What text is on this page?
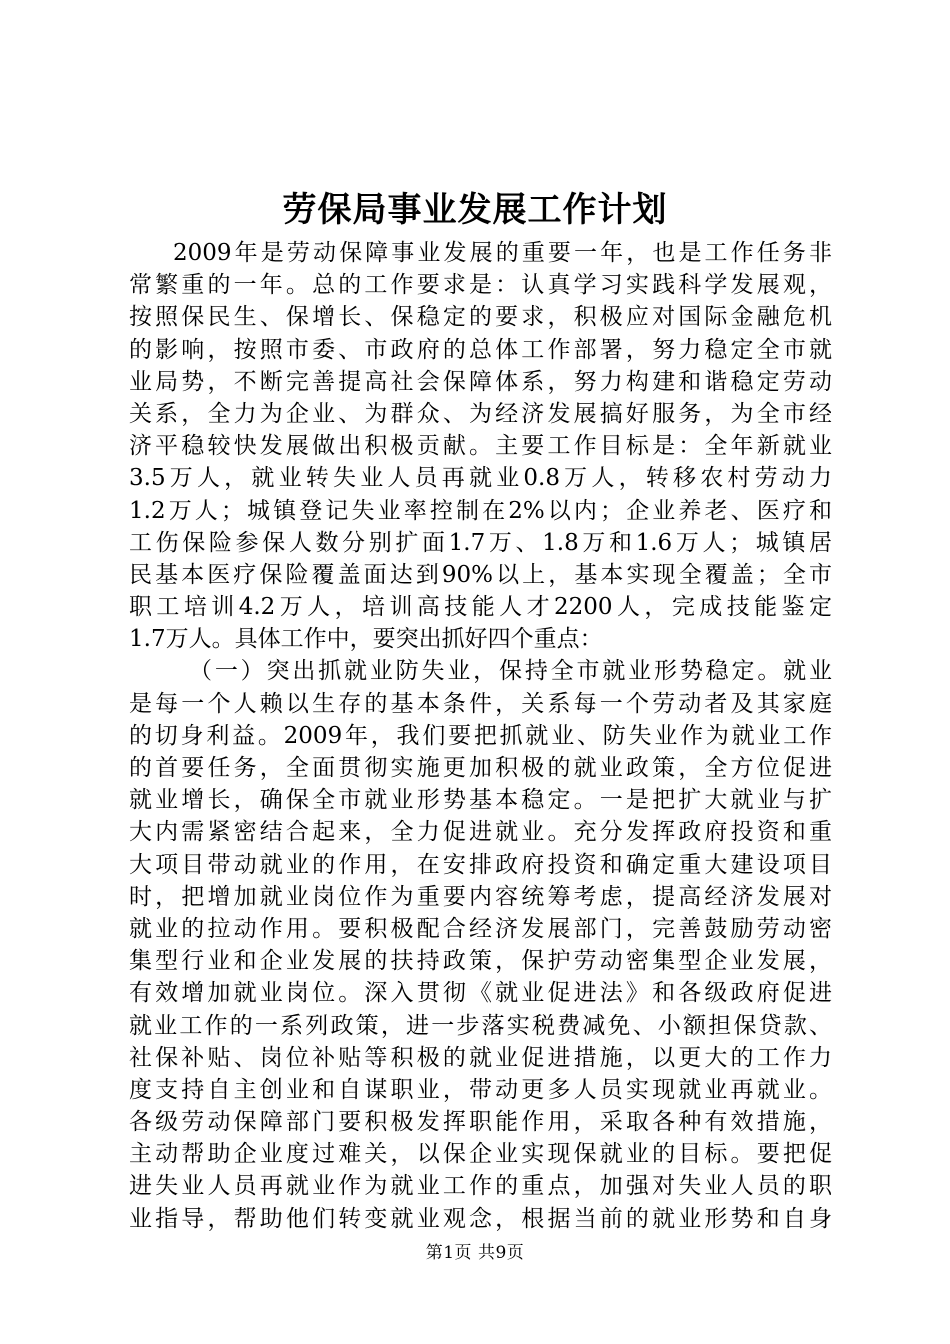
劳保局事业发展工作计划
2009年是劳动保障事业发展的重要一年，也是工作任务非
常繁重的一年。总的工作要求是：认真学习实践科学发展观，
按照保民生、保增长、保稳定的要求，积极应对国际金融危机
的影响，按照市委、市政府的总体工作部署，努力稳定全市就
业局势，不断完善提高社会保障体系，努力构建和谐稳定劳动
关系，全力为企业、为群众、为经济发展搞好服务，为全市经
济平稳较快发展做出积极贡献。主要工作目标是：全年新就业
3.5万人，就业转失业人员再就业0.8万人，转移农村劳动力
1.2万人；城镇登记失业率控制在2%以内；企业养老、医疗和
工伤保险参保人数分别扩面1.7万、1.8万和1.6万人；城镇居
民基本医疗保险覆盖面达到90%以上，基本实现全覆盖；全市
职工培训4.2万人，培训高技能人才2200人，完成技能鉴定
1.7万人。具体工作中，要突出抓好四个重点：
（一）突出抓就业防失业，保持全市就业形势稳定。就业
是每一个人赖以生存的基本条件，关系每一个劳动者及其家庭
的切身利益。2009年，我们要把抓就业、防失业作为就业工作
的首要任务，全面贯彻实施更加积极的就业政策，全方位促进
就业增长，确保全市就业形势基本稳定。一是把扩大就业与扩
大内需紧密结合起来，全力促进就业。充分发挥政府投资和重
大项目带动就业的作用，在安排政府投资和确定重大建设项目
时，把增加就业岗位作为重要内容统筹考虑，提高经济发展对
就业的拉动作用。要积极配合经济发展部门，完善鼓励劳动密
集型行业和企业发展的扶持政策，保护劳动密集型企业发展，
有效增加就业岗位。深入贯彻《就业促进法》和各级政府促进
就业工作的一系列政策，进一步落实税费减免、小额担保贷款、
社保补贴、岗位补贴等积极的就业促进措施，以更大的工作力
度支持自主创业和自谋职业，带动更多人员实现就业再就业。
各级劳动保障部门要积极发挥职能作用，采取各种有效措施，
主动帮助企业度过难关，以保企业实现保就业的目标。要把促
进失业人员再就业作为就业工作的重点，加强对失业人员的职
业指导，帮助他们转变就业观念，根据当前的就业形势和自身
第1页 共9页
